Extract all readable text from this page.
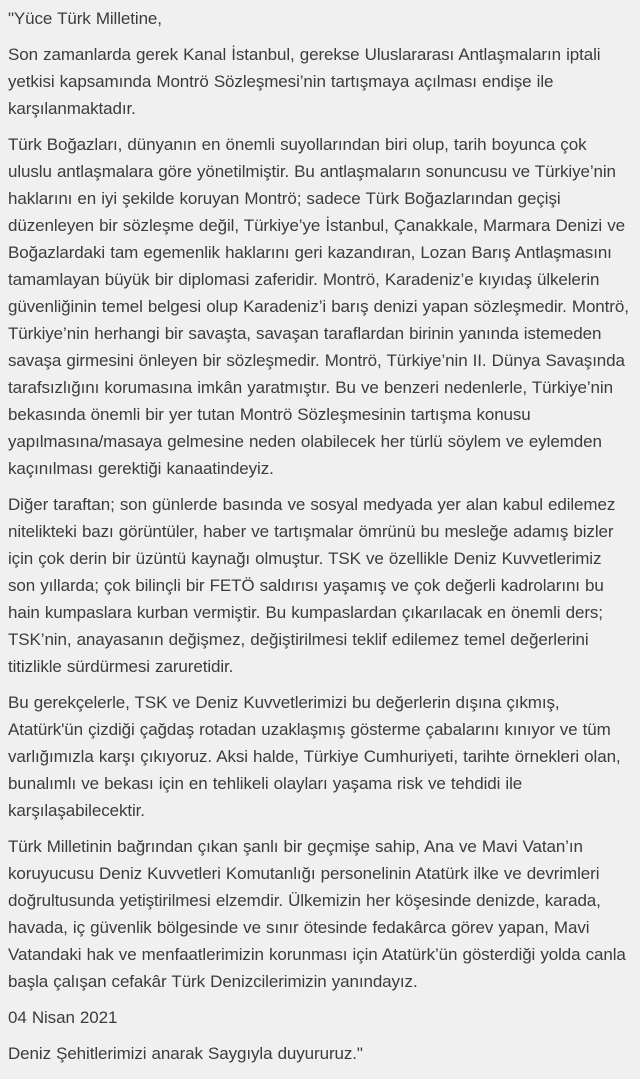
"Yüce Türk Milletine,

Son zamanlarda gerek Kanal İstanbul, gerekse Uluslararası Antlaşmaların iptali yetkisi kapsamında Montrö Sözleşmesi’nin tartışmaya açılması endişe ile karşılanmaktadır.

Türk Boğazları, dünyanın en önemli suyollarından biri olup, tarih boyunca çok uluslu antlaşmalara göre yönetilmiştir. Bu antlaşmaların sonuncusu ve Türkiye’nin haklarını en iyi şekilde koruyan Montrö; sadece Türk Boğazlarından geçişi düzenleyen bir sözleşme değil, Türkiye’ye İstanbul, Çanakkale, Marmara Denizi ve Boğazlardaki tam egemenlik haklarını geri kazandıran, Lozan Barış Antlaşmasını tamamlayan büyük bir diplomasi zaferidir. Montrö, Karadeniz’e kıyıdaş ülkelerin güvenliğinin temel belgesi olup Karadeniz’i barış denizi yapan sözleşmedir. Montrö, Türkiye’nin herhangi bir savaşta, savaşan taraflardan birinin yanında istemeden savaşa girmesini önleyen bir sözleşmedir. Montrö, Türkiye’nin II. Dünya Savaşında tarafsızlığını korumasına imkân yaratmıştır. Bu ve benzeri nedenlerle, Türkiye’nin bekasında önemli bir yer tutan Montrö Sözleşmesinin tartışma konusu yapılmasına/masaya gelmesine neden olabilecek her türlü söylem ve eylemden kaçınılması gerektiği kanaatindeyiz.

Diğer taraftan; son günlerde basında ve sosyal medyada yer alan kabul edilemez nitelikteki bazı görüntüler, haber ve tartışmalar ömrünü bu mesleğe adamış bizler için çok derin bir üzüntü kaynağı olmuştur. TSK ve özellikle Deniz Kuvvetlerimiz son yıllarda; çok bilinçli bir FETÖ saldırısı yaşamış ve çok değerli kadrolarını bu hain kumpaslara kurban vermiştir. Bu kumpaslardan çıkarılacak en önemli ders; TSK’nin, anayasanın değişmez, değiştirilmesi teklif edilemez temel değerlerini titizlikle sürdürmesi zaruretidir.

Bu gerekçelerle, TSK ve Deniz Kuvvetlerimizi bu değerlerin dışına çıkmış, Atatürk'ün çizdiği çağdaş rotadan uzaklaşmış gösterme çabalarını kınıyor ve tüm varlığımızla karşı çıkıyoruz. Aksi halde, Türkiye Cumhuriyeti, tarihte örnekleri olan, bunalımlı ve bekası için en tehlikeli olayları yaşama risk ve tehdidi ile karşılaşabilecektir.

Türk Milletinin bağrından çıkan şanlı bir geçmişe sahip, Ana ve Mavi Vatan’ın koruyucusu Deniz Kuvvetleri Komutanlığı personelinin Atatürk ilke ve devrimleri doğrultusunda yetiştirilmesi elzemdir. Ülkemizin her köşesinde denizde, karada, havada, iç güvenlik bölgesinde ve sınır ötesinde fedakârca görev yapan, Mavi Vatandaki hak ve menfaatlerimizin korunması için Atatürk’ün gösterdiği yolda canla başla çalışan cefakâr Türk Denizcilerimizin yanındayız.

04 Nisan 2021

Deniz Şehitlerimizi anarak Saygıyla duyururuz."
